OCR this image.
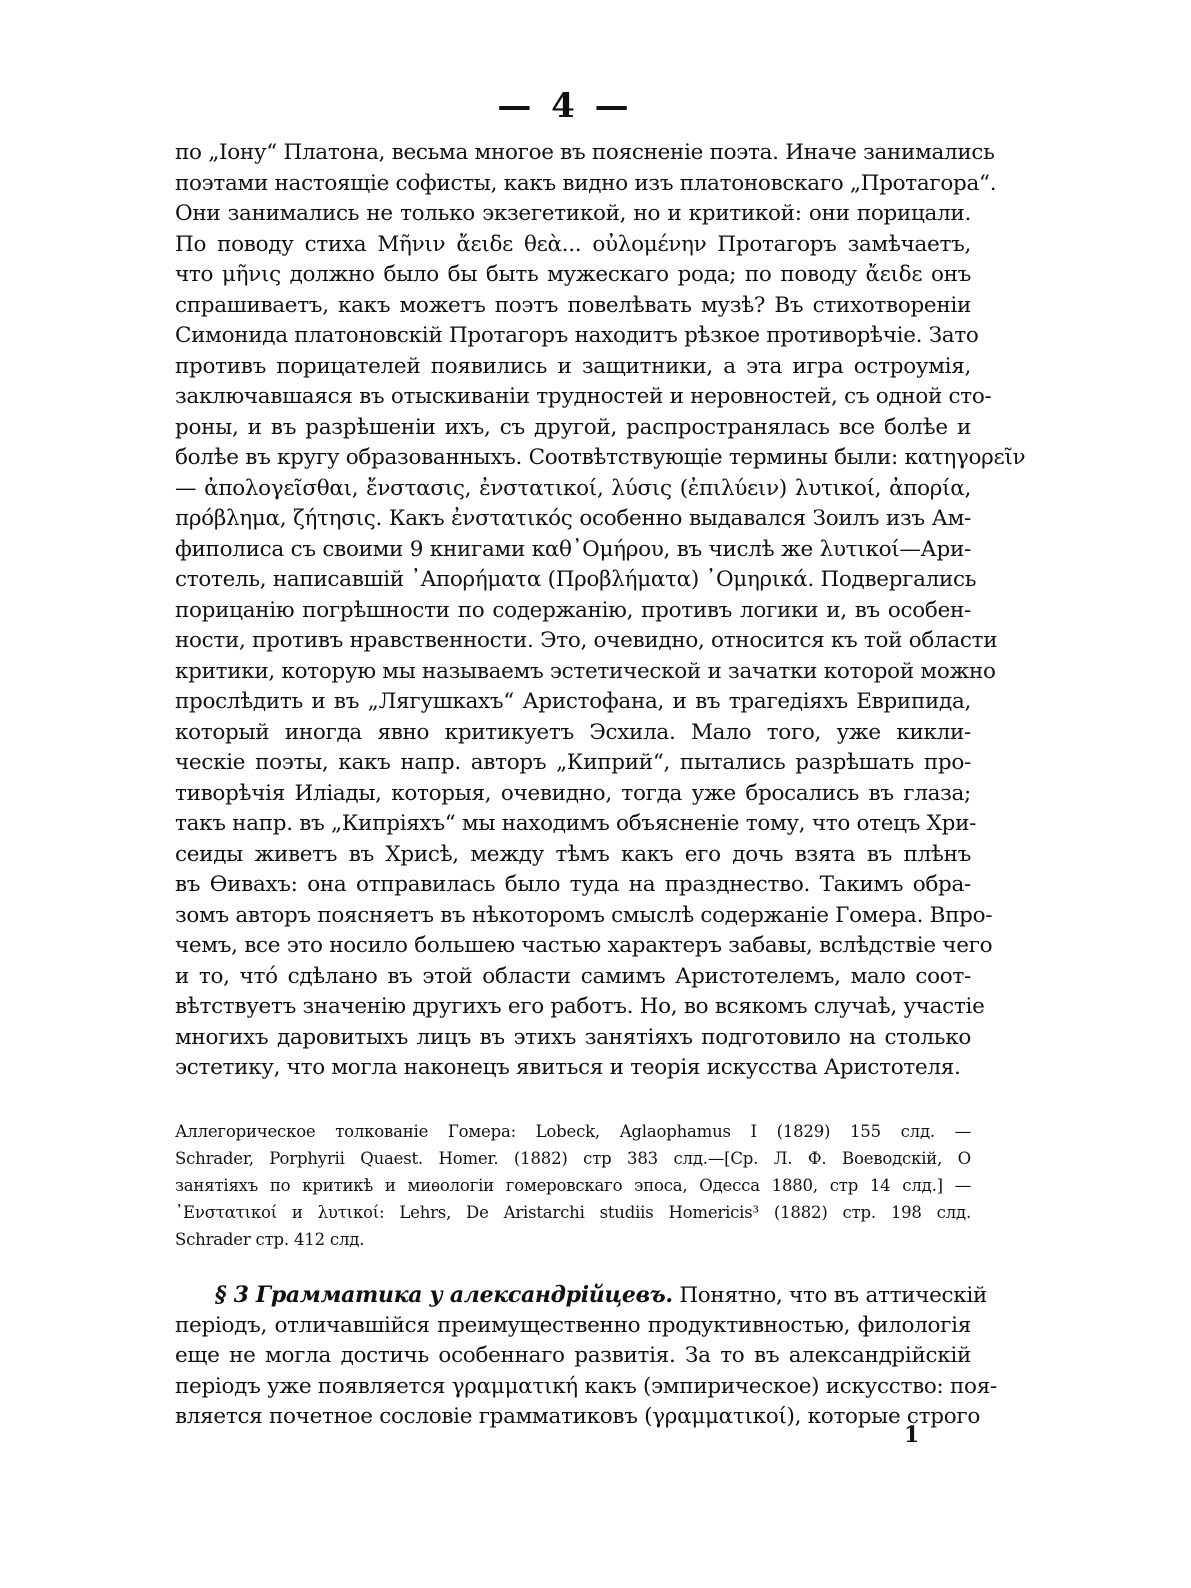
— 4 —
по „Іону“ Платона, весьма многое въ поясненіе поэта. Иначе занимались
поэтами настоящіе софисты, какъ видно изъ платоновскаго „Протагора“.
Они занимались не только экзегетикой, но и критикой: они порицали.
По поводу стиха Μῆνιν ἄειδε θεὰ... οὐλομένην Протагоръ замѣчаетъ,
что μῆνις должно было бы быть мужескаго рода; по поводу ἄειδε онъ
спрашиваетъ, какъ можетъ поэтъ повелѣвать музѣ? Въ стихотвореніи
Симонида платоновскій Протагоръ находитъ рѣзкое противорѣчіе. Зато
противъ порицателей появились и защитники, а эта игра остроумія,
заключавшаяся въ отыскиваніи трудностей и неровностей, съ одной сто-
роны, и въ разрѣшеніи ихъ, съ другой, распространялась все болѣе и
болѣе въ кругу образованныхъ. Соотвѣтствующіе термины были: κατηγορεῖν
— ἀπολογεῖσθαι, ἔνστασις, ἐνστατικοί, λύσις (ἐπιλύειν) λυτικοί, ἀπορία,
πρόβλημα, ζήτησις. Какъ ἐνστατικός особенно выдавался Зоилъ изъ Ам-
фиполиса съ своими 9 книгами καθ᾿Ομήρου, въ числѣ же λυτικοί—Ари-
стотель, написавшій ᾿Απορήματα (Προβλήματα) ᾿Ομηρικά. Подвергались
порицанію погрѣшности по содержанію, противъ логики и, въ особен-
ности, противъ нравственности. Это, очевидно, относится къ той области
критики, которую мы называемъ эстетической и зачатки которой можно
прослѣдить и въ „Лягушкахъ“ Аристофана, и въ трагедіяхъ Еврипида,
который иногда явно критикуетъ Эсхила. Мало того, уже кикли-
ческіе поэты, какъ напр. авторъ „Киприй“, пытались разрѣшать про-
тиворѣчія Иліады, которыя, очевидно, тогда уже бросались въ глаза;
такъ напр. въ „Кипріяхъ“ мы находимъ объясненіе тому, что отецъ Хри-
сеиды живетъ въ Хрисѣ, между тѣмъ какъ его дочь взята въ плѣнъ
въ Өивахъ: она отправилась было туда на празднество. Такимъ обра-
зомъ авторъ поясняетъ въ нѣкоторомъ смыслѣ содержаніе Гомера. Впро-
чемъ, все это носило большею частью характеръ забавы, вслѣдствіе чего
и то, что́ сдѣлано въ этой области самимъ Аристотелемъ, мало соот-
вѣтствуетъ значенію другихъ его работъ. Но, во всякомъ случаѣ, участіе
многихъ даровитыхъ лицъ въ этихъ занятіяхъ подготовило на столько
эстетику, что могла наконецъ явиться и теорія искусства Аристотеля.
Аллегорическое толкованіе Гомера: Lobeck, Aglaophamus I (1829) 155 слд. —
Schrader, Porphyrii Quaest. Homer. (1882) стр 383 слд.—[Ср. Л. Ф. Воеводскій, О
занятіяхъ по критикѣ и миѳологіи гомеровскаго эпоса, Одесса 1880, стр 14 слд.] —
᾿Ενστατικοί и λυτικοί: Lehrs, De Aristarchi studiis Homericis³ (1882) стр. 198 слд.
Schrader стр. 412 слд.
§ 3 Грамматика у александрійцевъ. Понятно, что въ аттическій
періодъ, отличавшійся преимущественно продуктивностью, филологія
еще не могла достичь особеннаго развитія. За то въ александрійскій
періодъ уже появляется γραμματική какъ (эмпирическое) искусство: поя-
вляется почетное сословіе грамматиковъ (γραμματικοί), которые строго
1
